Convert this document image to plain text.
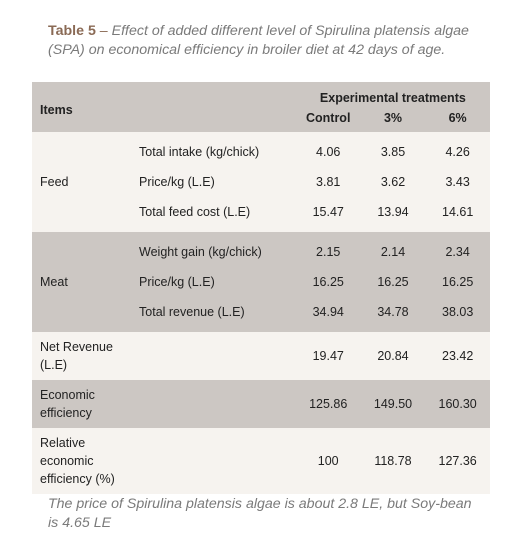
Table 5 – Effect of added different level of Spirulina platensis algae (SPA) on economical efficiency in broiler diet at 42 days of age.
Items		Experimental treatments		
		Control	3%	6%

Feed	Total intake (kg/chick)	4.06	3.85	4.26
	Price/kg (L.E)	3.81	3.62	3.43
	Total feed cost (L.E)	15.47	13.94	14.61

Meat	Weight gain (kg/chick)	2.15	2.14	2.34
	Price/kg (L.E)	16.25	16.25	16.25
	Total revenue (L.E)	34.94	34.78	38.03

Net Revenue
(L.E)		19.47	20.84	23.42

Economic
efficiency		125.86	149.50	160.30

Relative
economic
efficiency (%)		100	118.78	127.36
The price of Spirulina platensis algae is about 2.8 LE, but Soy-bean is 4.65 LE
